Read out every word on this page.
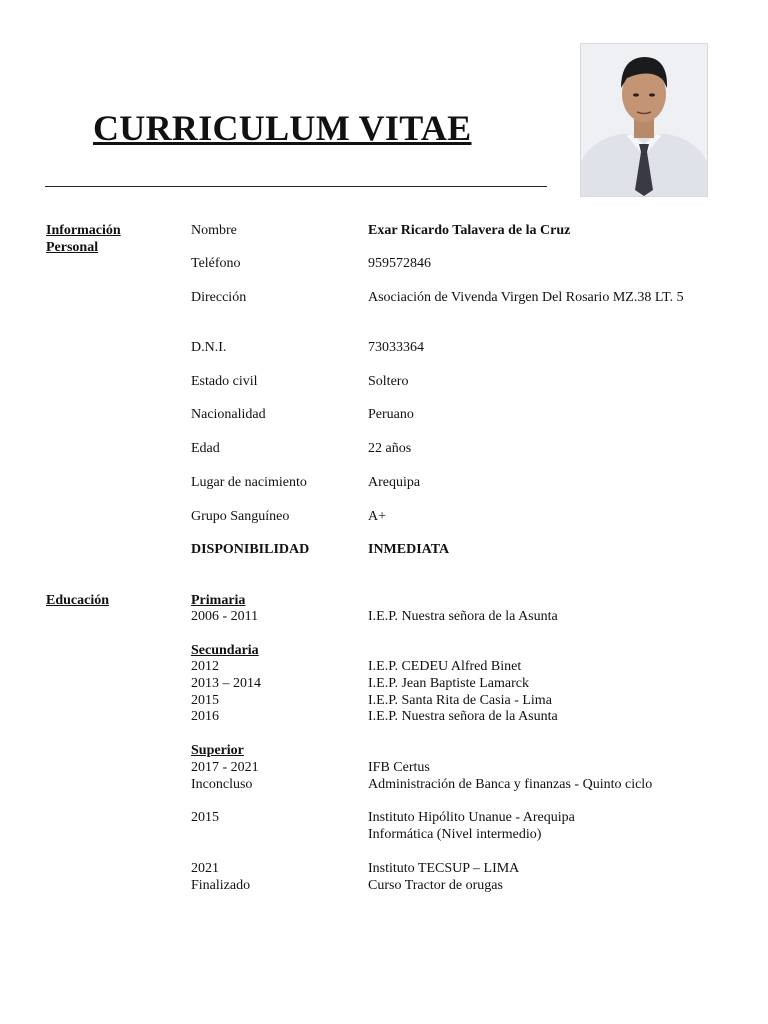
CURRICULUM VITAE
Información
Personal
Nombre	Exar Ricardo Talavera de la Cruz
Teléfono	959572846
Dirección	Asociación de Vivenda Virgen Del Rosario MZ.38 LT. 5
D.N.I.	73033364
Estado civil	Soltero
Nacionalidad	Peruano
Edad	22 años
Lugar de nacimiento	Arequipa
Grupo Sanguíneo	A+
DISPONIBILIDAD	INMEDIATA
Educación	Primaria
2006 - 2011	I.E.P. Nuestra señora de la Asunta
Secundaria
2012	I.E.P. CEDEU Alfred Binet
2013 – 2014	I.E.P. Jean Baptiste Lamarck
2015	I.E.P. Santa Rita de Casia - Lima
2016	I.E.P. Nuestra señora de la Asunta
Superior
2017 - 2021	IFB Certus
Inconcluso	Administración de Banca y finanzas - Quinto ciclo
2015	Instituto Hipólito Unanue - Arequipa
Informática (Nivel intermedio)
2021	Instituto TECSUP – LIMA
Finalizado	Curso Tractor de orugas
